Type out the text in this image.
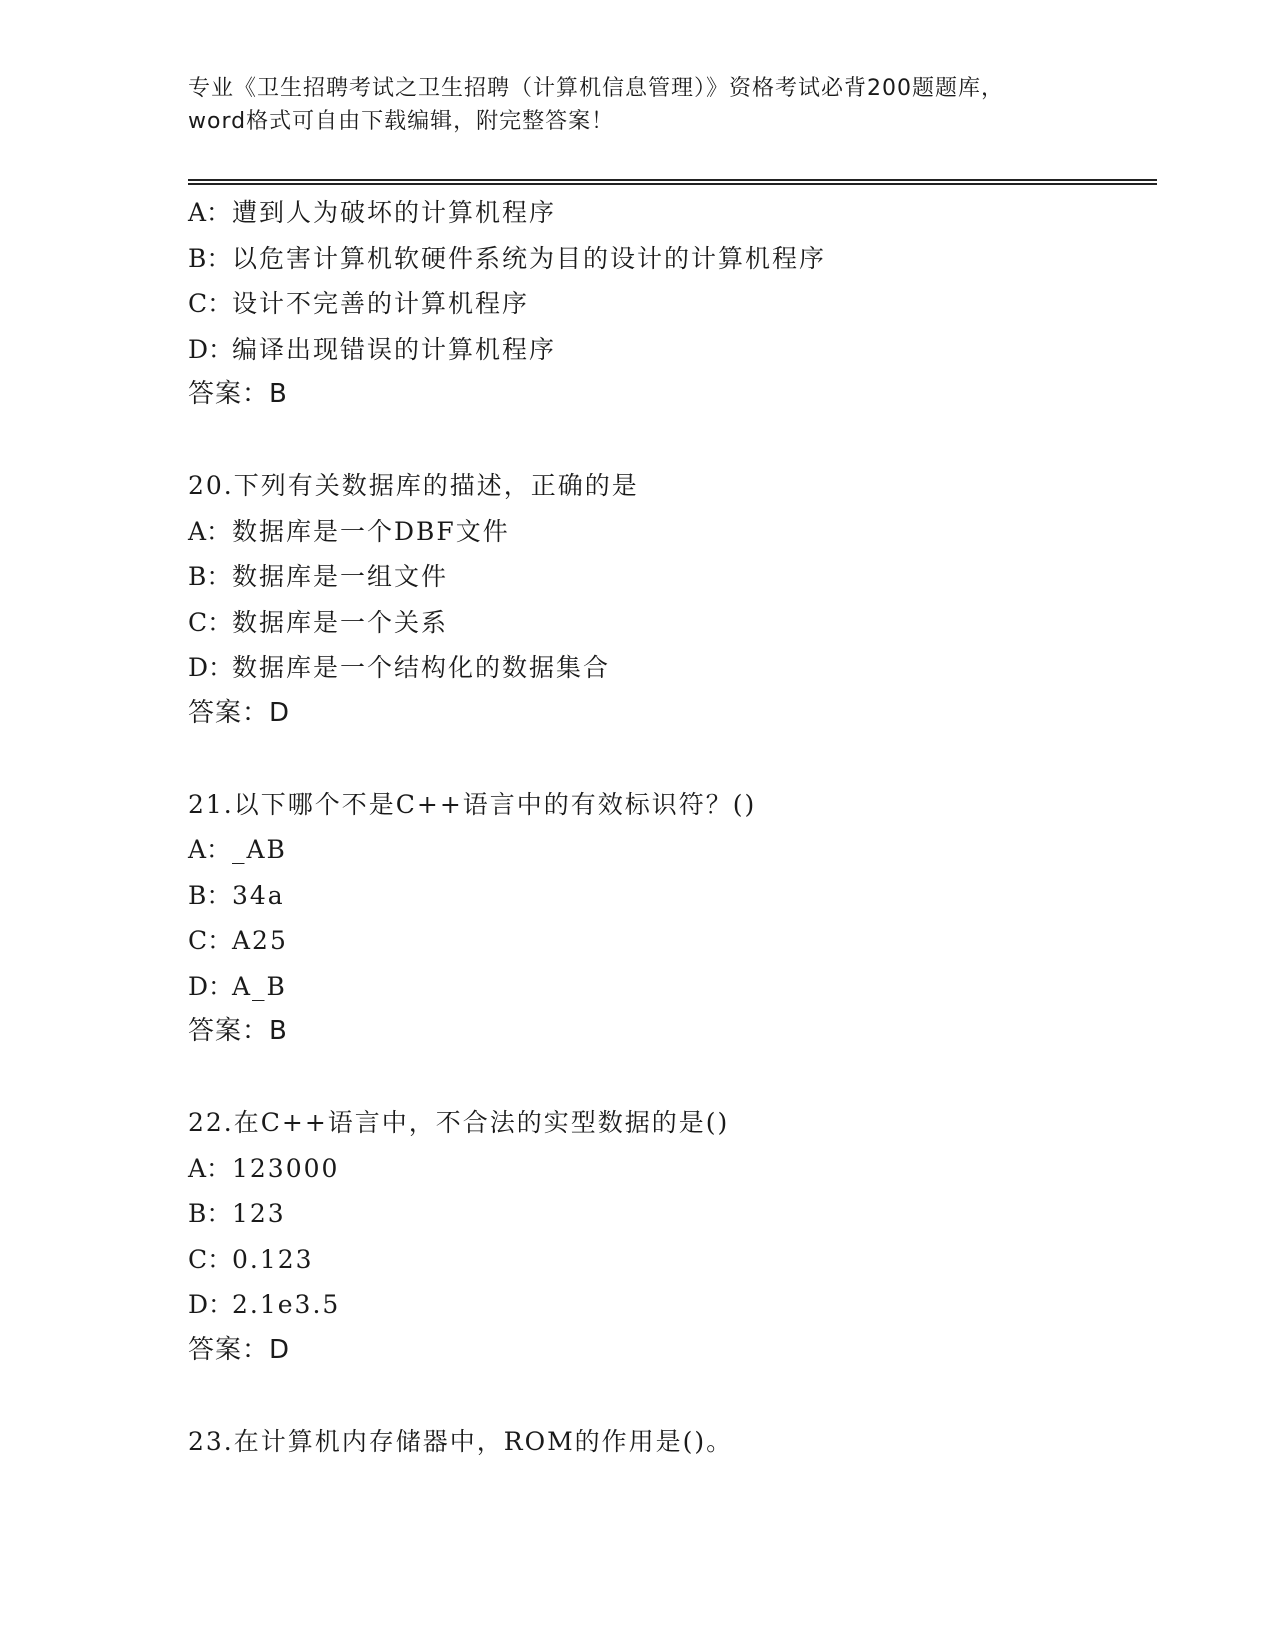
专业《卫生招聘考试之卫生招聘（计算机信息管理）》资格考试必背200题题库，
word格式可自由下载编辑，附完整答案！
A：遭到人为破坏的计算机程序
B：以危害计算机软硬件系统为目的设计的计算机程序
C：设计不完善的计算机程序
D：编译出现错误的计算机程序
答案：B
20.下列有关数据库的描述，正确的是
A：数据库是一个DBF文件
B：数据库是一组文件
C：数据库是一个关系
D：数据库是一个结构化的数据集合
答案：D
21.以下哪个不是C++语言中的有效标识符？()
A：_AB
B：34a
C：A25
D：A_B
答案：B
22.在C++语言中，不合法的实型数据的是()
A：123000
B：123
C：0.123
D：2.1e3.5
答案：D
23.在计算机内存储器中，ROM的作用是()。
